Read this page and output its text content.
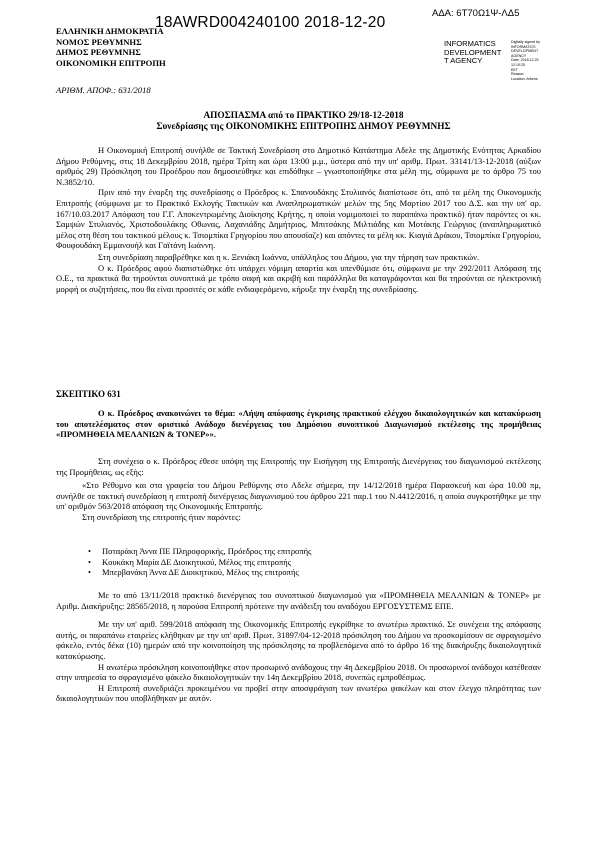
ΕΛΛΗΝΙΚΗ ΔΗΜΟΚΡΑΤΙΑ
ΝΟΜΟΣ ΡΕΘΥΜΝΗΣ
ΔΗΜΟΣ ΡΕΘΥΜΝΗΣ
ΟΙΚΟΝΟΜΙΚΗ ΕΠΙΤΡΟΠΗ
18AWRD004240100 2018-12-20
ΑΔΑ: 6Τ70Ω1Ψ-ΛΔ5
INFORMATICS
DEVELOPMENT
T AGENCY
Digitally signed by
INFORMATICS
DEVELOPMENT AGENCY
Date: 2018.12.20 12:10:25
EET
Reason:
Location: Athens
ΑΡΙΘΜ. ΑΠΟΦ.: 631/2018
ΑΠΟΣΠΑΣΜΑ από το ΠΡΑΚΤΙΚΟ 29/18-12-2018
Συνεδρίασης της ΟΙΚΟΝΟΜΙΚΗΣ ΕΠΙΤΡΟΠΗΣ ΔΗΜΟΥ ΡΕΘΥΜΝΗΣ

Η Οικονομική Επιτροπή συνήλθε σε Τακτική Συνεδρίαση στο Δημοτικό Κατάστημα Αδελε της Δημοτικής Ενότητας Αρκαδίου Δήμου Ρεθύμνης, στις 18 Δεκεμβρίου 2018, ημέρα Τρίτη και ώρα 13:00 μ.μ., ύστερα από την υπ' αριθμ. Πρωτ. 33141/13-12-2018 (αύξων αριθμός 29) Πρόσκληση του Προέδρου που δημοσιεύθηκε και επιδόθηκε – γνωστοποιήθηκε στα μέλη της, σύμφωνα με το άρθρο 75 του Ν.3852/10.

Πριν από την έναρξη της συνεδρίασης ο Πρόεδρος κ. Σπανουδάκης Στυλιανός διαπίστωσε ότι, από τα μέλη της Οικονομικής Επιτροπής (σύμφωνα με το Πρακτικό Εκλογής Τακτικών και Αναπληρωματικών μελών της 5ης Μαρτίου 2017 του Δ.Σ. και την υπ' αρ. 167/10.03.2017 Απόφαση του Γ.Γ. Αποκεντρωμένης Διοίκησης Κρήτης, η οποία νομιμοποιεί το παραπάνω πρακτικό) ήταν παρόντες οι κκ. Σαμψών Στυλιανός, Χριστοδουλάκης Οθωνας, Λαχανιάδης Δημήτριος, Μπιτσάκης Μιλτιάδης και Μοτάκης Γεώργιος (αναπληρωματικό μέλος στη θέση του τακτικού μέλους κ. Τσιομπίκα Γρηγορίου που απουσίαζε) και απόντες τα μέλη κκ. Κιαγιά Δράκου, Τσιομπίκα Γρηγορίου, Φουφουδάκη Εμμανουήλ και Γαϊτάνη Ιωάννη.

Στη συνεδρίαση παραβρέθηκε και η κ. Ξενιάκη Ιωάννα, υπάλληλος του Δήμου, για την τήρηση των πρακτικών.

Ο κ. Πρόεδρος αφού διαπιστώθηκε ότι υπάρχει νόμιμη απαρτία και υπενθύμισε ότι, σύμφωνα με την 292/2011 Απόφαση της Ο.Ε., τα πρακτικά θα τηρούνται συνοπτικά με τρόπο σαφή και ακριβή και παράλληλα θα καταγράφονται και θα τηρούνται σε ηλεκτρονική μορφή οι συζητήσεις, που θα είναι προσιτές σε κάθε ενδιαφερόμενο, κήρυξε την έναρξη της συνεδρίασης.

ΣΚΕΠΤΙΚΟ 631

Ο κ. Πρόεδρος ανακοινώνει το θέμα: «Λήψη απόφασης έγκρισης πρακτικού ελέγχου δικαιολογητικών και κατακύρωση του αποτελέσματος στον οριστικό Ανάδοχο διενέργειας του Δημόσιου συνοπτικού Διαγωνισμού εκτέλεσης της προμήθειας «ΠΡΟΜΗΘΕΙΑ ΜΕΛΑΝΙΩΝ & ΤΟΝΕΡ»».

Στη συνέχεια ο κ. Πρόεδρος έθεσε υπόψη της Επιτροπής την Εισήγηση της Επιτροπής Διενέργειας του διαγωνισμού εκτέλεσης της Προμήθειας, ως εξής:

«Στο Ρέθυμνο και στα γραφεία του Δήμου Ρεθύμνης στο Αδελε σήμερα, την 14/12/2018 ημέρα Παρασκευή και ώρα 10.00 πμ, συνήλθε σε τακτική συνεδρίαση η επιτροπή διενέργειας διαγωνισμού του άρθρου 221 παρ.1 του Ν.4412/2016, η οποία συγκροτήθηκε με την υπ' αριθμόν 563/2018 απόφαση της Οικονομικής Επιτροπής.

Στη συνεδρίαση της επιτροπής ήταν παρόντες:

• Ποταράκη Άννα ΠΕ Πληροφορικής, Πρόεδρος της επιτροπής
• Κουκάκη Μαρία ΔΕ Διοικητικού, Μέλος της επιτροπής
• Μπερβανάκη Άννα ΔΕ Διοικητικού, Μέλος της επιτροπής

Με το από 13/11/2018 πρακτικό διενέργειας του συνοπτικού διαγωνισμού για «ΠΡΟΜΗΘΕΙΑ ΜΕΛΑΝΙΩΝ & ΤΟΝΕΡ» με Αριθμ. Διακήρυξης: 28565/2018, η παρούσα Επιτροπή πρότεινε την ανάδειξη του αναδόχου ΕΡΓΟΣΥΣΤΕΜΣ ΕΠΕ.

Με την υπ' αριθ. 599/2018 απόφαση της Οικονομικής Επιτροπής εγκρίθηκε το ανωτέρω πρακτικό. Σε συνέχεια της απόφασης αυτής, οι παραπάνω εταιρείες κλήθηκαν με την υπ' αριθ. Πρωτ. 31897/04-12-2018 πρόσκληση του Δήμου να προσκομίσουν σε σφραγισμένο φάκελο, εντός δέκα (10) ημερών από την κοινοποίηση της πρόσκλησης τα προβλεπόμενα από το άρθρο 16 της διακήρυξης δικαιολογητικά κατακύρωσης.

Η ανωτέρω πρόσκληση κοινοποιήθηκε στον προσωρινό ανάδοχους την 4η Δεκεμβρίου 2018. Οι προσωρινοί ανάδοχοι κατέθεσαν στην υπηρεσία το σφραγισμένο φάκελο δικαιολογητικών την 14η Δεκεμβρίου 2018, συνεπώς εμπροθέσμως.

Η Επιτροπή συνεδριάζει προκειμένου να προβεί στην αποσφράγιση των ανωτέρω φακέλων και στον έλεγχο πληρότητας των δικαιολογητικών που υποβλήθηκαν με αυτόν.
